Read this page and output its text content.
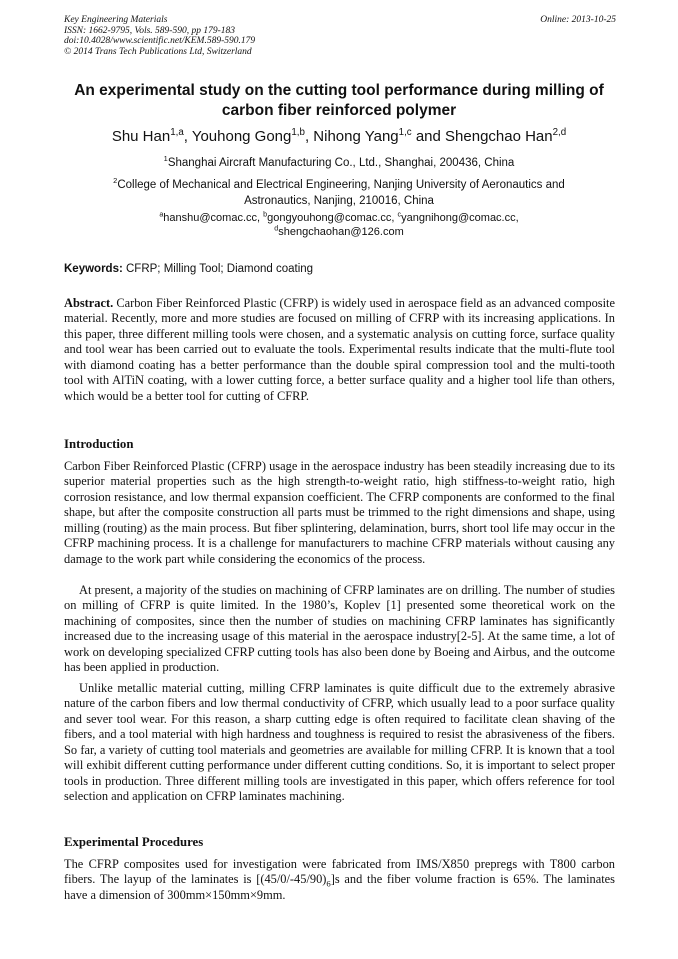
Key Engineering Materials
ISSN: 1662-9795, Vols. 589-590, pp 179-183
doi:10.4028/www.scientific.net/KEM.589-590.179
© 2014 Trans Tech Publications Ltd, Switzerland
Online: 2013-10-25
An experimental study on the cutting tool performance during milling of
carbon fiber reinforced polymer
Shu Han$^{1,a}$, Youhong Gong$^{1,b}$, Nihong Yang$^{1,c}$ and Shengchao Han$^{2,d}$
$^1$Shanghai Aircraft Manufacturing Co., Ltd., Shanghai, 200436, China
$^2$College of Mechanical and Electrical Engineering, Nanjing University of Aeronautics and
Astronautics, Nanjing, 210016, China
$^a$hanshu@comac.cc, $^b$gongyouhong@comac.cc, $^c$yangnihong@comac.cc,
$^d$shengchaohan@126.com
Keywords: CFRP; Milling Tool; Diamond coating

Abstract. Carbon Fiber Reinforced Plastic (CFRP) is widely used in aerospace field as an advanced composite material. Recently, more and more studies are focused on milling of CFRP with its increasing applications. In this paper, three different milling tools were chosen, and a systematic analysis on cutting force, surface quality and tool wear has been carried out to evaluate the tools. Experimental results indicate that the multi-flute tool with diamond coating has a better performance than the double spiral compression tool and the multi-tooth tool with AlTiN coating, with a lower cutting force, a better surface quality and a higher tool life than others, which would be a better tool for cutting of CFRP.

Introduction

Carbon Fiber Reinforced Plastic (CFRP) usage in the aerospace industry has been steadily increasing due to its superior material properties such as the high strength-to-weight ratio, high stiffness-to-weight ratio, high corrosion resistance, and low thermal expansion coefficient. The CFRP components are conformed to the final shape, but after the composite construction all parts must be trimmed to the right dimensions and shape, using milling (routing) as the main process. But fiber splintering, delamination, burrs, short tool life may occur in the CFRP machining process. It is a challenge for manufacturers to machine CFRP materials without causing any damage to the work part while considering the economics of the process.

At present, a majority of the studies on machining of CFRP laminates are on drilling. The number of studies on milling of CFRP is quite limited. In the 1980’s, Koplev [1] presented some theoretical work on the machining of composites, since then the number of studies on machining CFRP laminates has significantly increased due to the increasing usage of this material in the aerospace industry[2-5]. At the same time, a lot of work on developing specialized CFRP cutting tools has also been done by Boeing and Airbus, and the outcome has been applied in production.

Unlike metallic material cutting, milling CFRP laminates is quite difficult due to the extremely abrasive nature of the carbon fibers and low thermal conductivity of CFRP, which usually lead to a poor surface quality and sever tool wear. For this reason, a sharp cutting edge is often required to facilitate clean shaving of the fibers, and a tool material with high hardness and toughness is required to resist the abrasiveness of the fibers. So far, a variety of cutting tool materials and geometries are available for milling CFRP. It is known that a tool will exhibit different cutting performance under different cutting conditions. So, it is important to select proper tools in production. Three different milling tools are investigated in this paper, which offers reference for tool selection and application on CFRP laminates machining.

Experimental Procedures

The CFRP composites used for investigation were fabricated from IMS/X850 prepregs with T800 carbon fibers. The layup of the laminates is $[(45/0/-45/90)_6]s$ and the fiber volume fraction is 65%. The laminates have a dimension of 300mm×150mm×9mm.
